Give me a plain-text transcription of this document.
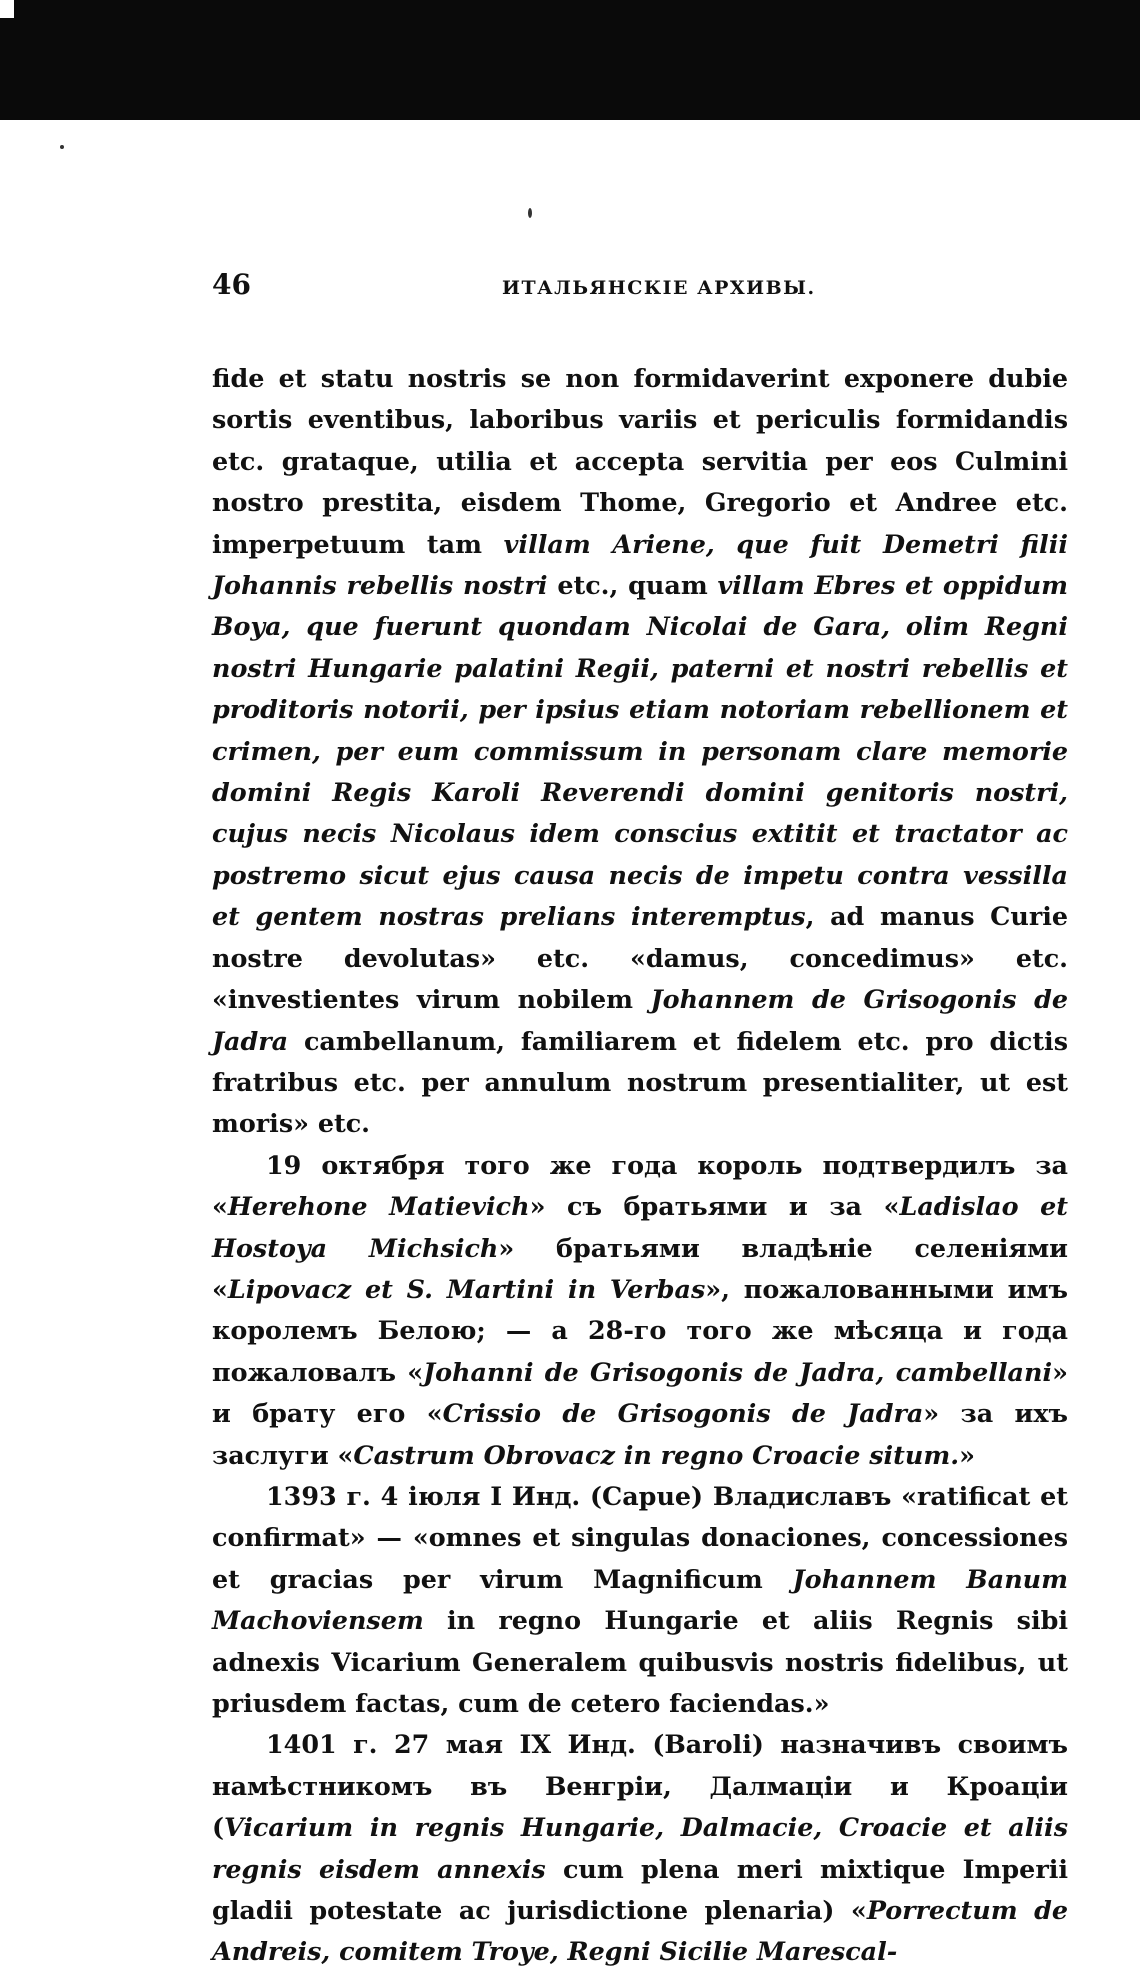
46	ИТАЛЬЯНСКІЕ АРХИВЫ.

fide et statu nostris se non formidaverint exponere dubie sortis eventibus, laboribus variis et periculis formidandis etc. grataque, utilia et accepta servitia per eos Culmini nostro prestita, eisdem Thome, Gregorio et Andree etc. imperpetuum tam villam Ariene, que fuit Demetri filii Johannis rebellis nostri etc., quam villam Ebres et oppidum Boya, que fuerunt quondam Nicolai de Gara, olim Regni nostri Hungarie palatini Regii, paterni et nostri rebellis et proditoris notorii, per ipsius etiam notoriam rebellionem et crimen, per eum commissum in personam clare memorie domini Regis Karoli Reverendi domini genitoris nostri, cujus necis Nicolaus idem conscius extitit et tractator ac postremo sicut ejus causa necis de impetu contra vessilla et gentem nostras prelians interemptus, ad manus Curie nostre devolutas» etc. «damus, concedimus» etc. «investientes virum nobilem Johannem de Grisogonis de Jadra cambellanum, familiarem et fidelem etc. pro dictis fratribus etc. per annulum nostrum presentialiter, ut est moris» etc.

19 октября того же года король подтвердилъ за «Herehone Matievich» съ братьями и за «Ladislao et Hostoya Michsich» братьями владѣніе селеніями «Lipovacz et S. Martini in Verbas», пожалованными имъ королемъ Белою; — а 28-го того же мѣсяца и года пожаловалъ «Johanni de Grisogonis de Jadra, cambellani» и брату его «Crissio de Grisogonis de Jadra» за ихъ заслуги «Castrum Obrovacz in regno Croacie situm.»

1393 г. 4 іюля I Инд. (Capue) Владиславъ «ratificat et confirmat» — «omnes et singulas donaciones, concessiones et gracias per virum Magnificum Johannem Banum Machoviensem in regno Hungarie et aliis Regnis sibi adnexis Vicarium Generalem quibusvis nostris fidelibus, ut priusdem factas, cum de cetero faciendas.»

1401 г. 27 мая IX Инд. (Baroli) назначивъ своимъ намѣстникомъ въ Венгріи, Далмаціи и Кроаціи (Vicarium in regnis Hungarie, Dalmacie, Croacie et aliis regnis eisdem annexis cum plena meri mixtique Imperii gladii potestate ac jurisdictione plenaria) «Porrectum de Andreis, comitem Troye, Regni Sicilie Marescal-
